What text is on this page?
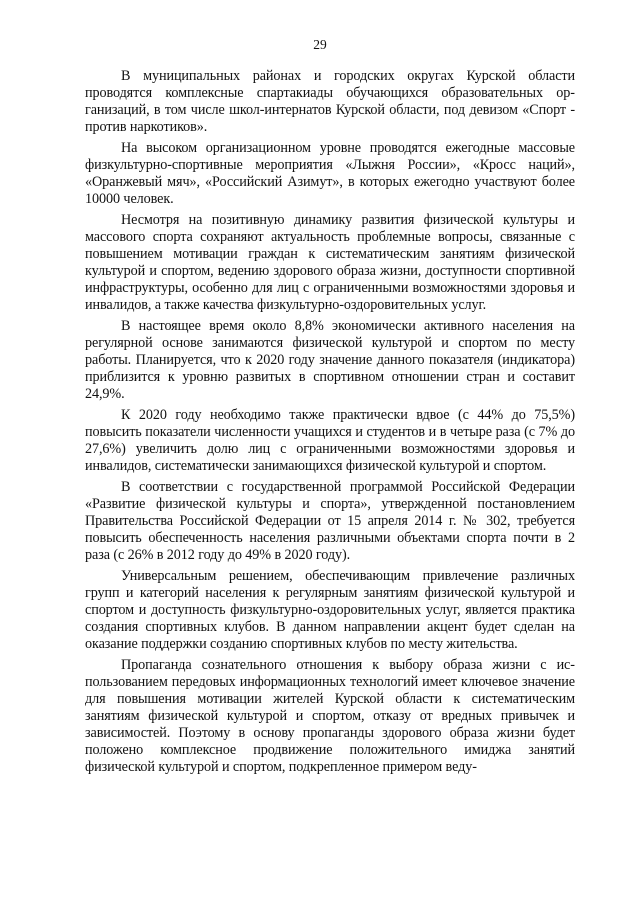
29

В муниципальных районах и городских округах Курской области проводятся комплексные спартакиады обучающихся образовательных организаций, в том числе школ-интернатов Курской области, под девизом «Спорт - против наркотиков».

На высоком организационном уровне проводятся ежегодные массовые физкультурно-спортивные мероприятия «Лыжня России», «Кросс наций», «Оранжевый мяч», «Российский Азимут», в которых ежегодно участвуют более 10000 человек.

Несмотря на позитивную динамику развития физической культуры и массового спорта сохраняют актуальность проблемные вопросы, связанные с повышением мотивации граждан к систематическим занятиям физической культурой и спортом, ведению здорового образа жизни, доступности спортивной инфраструктуры, особенно для лиц с ограниченными возможностями здоровья и инвалидов, а также качества физкультурно-оздоровительных услуг.

В настоящее время около 8,8% экономически активного населения на регулярной основе занимаются физической культурой и спортом по месту работы. Планируется, что к 2020 году значение данного показателя (индикатора) приблизится к уровню развитых в спортивном отношении стран и составит 24,9%.

К 2020 году необходимо также практически вдвое (с 44% до 75,5%) повысить показатели численности учащихся и студентов и в четыре раза (с 7% до 27,6%) увеличить долю лиц с ограниченными возможностями здоровья и инвалидов, систематически занимающихся физической культурой и спортом.

В соответствии с государственной программой Российской Федерации «Развитие физической культуры и спорта», утвержденной постановлением Правительства Российской Федерации от 15 апреля 2014 г. № 302, требуется повысить обеспеченность населения различными объектами спорта почти в 2 раза (с 26% в 2012 году до 49% в 2020 году).

Универсальным решением, обеспечивающим привлечение различных групп и категорий населения к регулярным занятиям физической культурой и спортом и доступность физкультурно-оздоровительных услуг, является практика создания спортивных клубов. В данном направлении акцент будет сделан на оказание поддержки созданию спортивных клубов по месту жительства.

Пропаганда сознательного отношения к выбору образа жизни с использованием передовых информационных технологий имеет ключевое значение для повышения мотивации жителей Курской области к систематическим занятиям физической культурой и спортом, отказу от вредных привычек и зависимостей. Поэтому в основу пропаганды здорового образа жизни будет положено комплексное продвижение положительного имиджа занятий физической культурой и спортом, подкрепленное примером веду-
